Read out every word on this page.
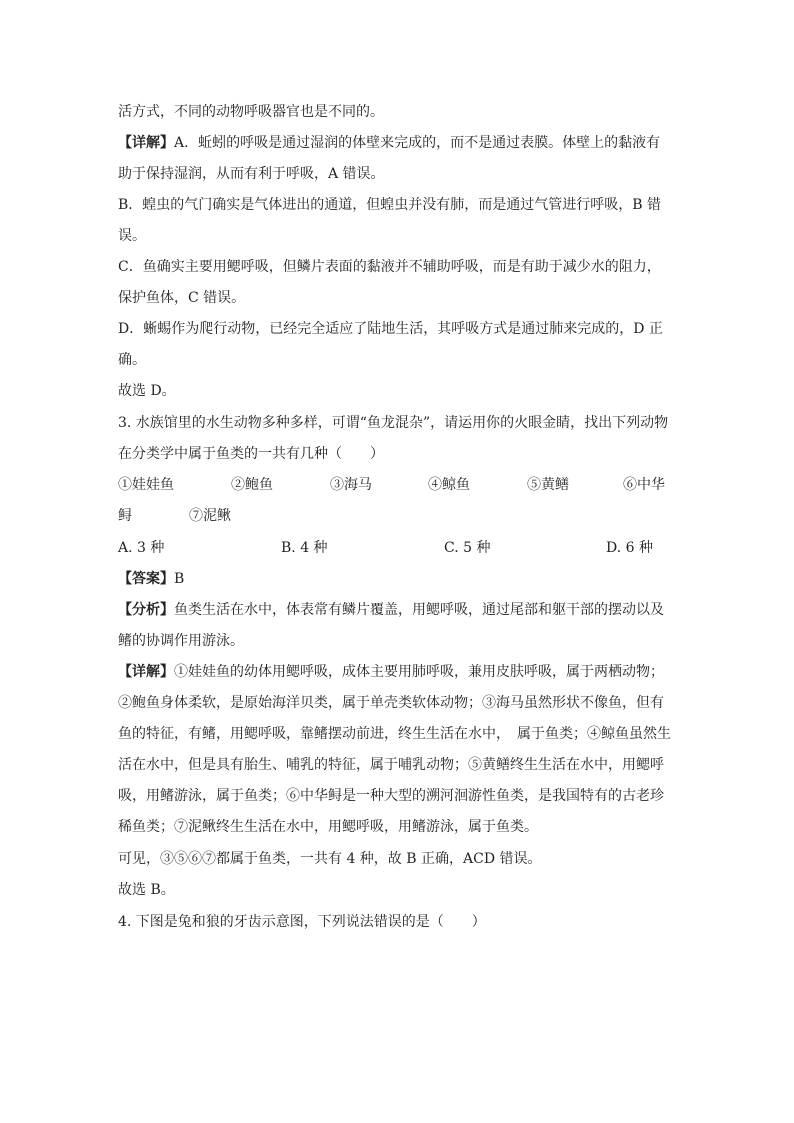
活方式，不同的动物呼吸器官也是不同的。
【详解】A．蚯蚓的呼吸是通过湿润的体壁来完成的，而不是通过表膜。体壁上的黏液有
助于保持湿润，从而有利于呼吸，A 错误。
B．蝗虫的气门确实是气体进出的通道，但蝗虫并没有肺，而是通过气管进行呼吸，B 错
误。
C．鱼确实主要用鳃呼吸，但鳞片表面的黏液并不辅助呼吸，而是有助于减少水的阻力，
保护鱼体，C 错误。
D．蜥蜴作为爬行动物，已经完全适应了陆地生活，其呼吸方式是通过肺来完成的，D 正
确。
故选 D。
3. 水族馆里的水生动物多种多样，可谓“鱼龙混杂”，请运用你的火眼金睛，找出下列动物
在分类学中属于鱼类的一共有几种（　　）
①娃娃鱼	②鲍鱼	③海马	④鲸鱼	⑤黄鳝	⑥中华
鲟	⑦泥鳅
A. 3 种	B. 4 种	C. 5 种	D. 6 种
【答案】B
【分析】鱼类生活在水中，体表常有鳞片覆盖，用鳃呼吸，通过尾部和躯干部的摆动以及
鳍的协调作用游泳。
【详解】①娃娃鱼的幼体用鳃呼吸，成体主要用肺呼吸，兼用皮肤呼吸，属于两栖动物；
②鲍鱼身体柔软，是原始海洋贝类，属于单壳类软体动物；③海马虽然形状不像鱼，但有
鱼的特征，有鳍，用鳃呼吸，靠鳍摆动前进，终生生活在水中，　属于鱼类；④鲸鱼虽然生
活在水中，但是具有胎生、哺乳的特征，属于哺乳动物；⑤黄鳝终生生活在水中，用鳃呼
吸，用鳍游泳，属于鱼类；⑥中华鲟是一种大型的溯河洄游性鱼类，是我国特有的古老珍
稀鱼类；⑦泥鳅终生生活在水中，用鳃呼吸，用鳍游泳，属于鱼类。
可见，③⑤⑥⑦都属于鱼类，一共有 4 种，故 B 正确，ACD 错误。
故选 B。
4. 下图是兔和狼的牙齿示意图，下列说法错误的是（　　）
